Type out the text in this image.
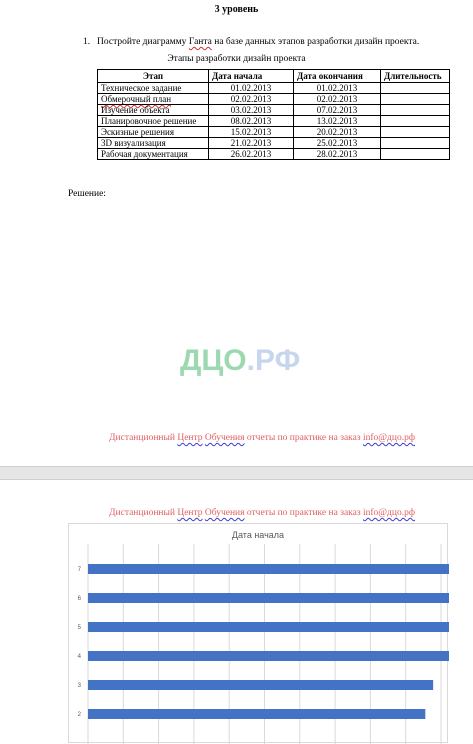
3 уровень
1. Постройте диаграмму Ганта на базе данных этапов разработки дизайн проекта.
Этапы разработки дизайн проекта
Этап	Дата начала	Дата окончания	Длительность
Техническое задание	01.02.2013	01.02.2013	
Обмерочный план	02.02.2013	02.02.2013	
Изучение объекта	03.02.2013	07.02.2013	
Планировочное решение	08.02.2013	13.02.2013	
Эскизные решения	15.02.2013	20.02.2013	
3D визуализация	21.02.2013	25.02.2013	
Рабочая документация	26.02.2013	28.02.2013	
Решение:
ДЦО.РФ
Дистанционный Центр Обучения отчеты по практике на заказ info@дцо.рф
Дистанционный Центр Обучения отчеты по практике на заказ info@дцо.рф
Дата начала
7
6
5
4
3
2
